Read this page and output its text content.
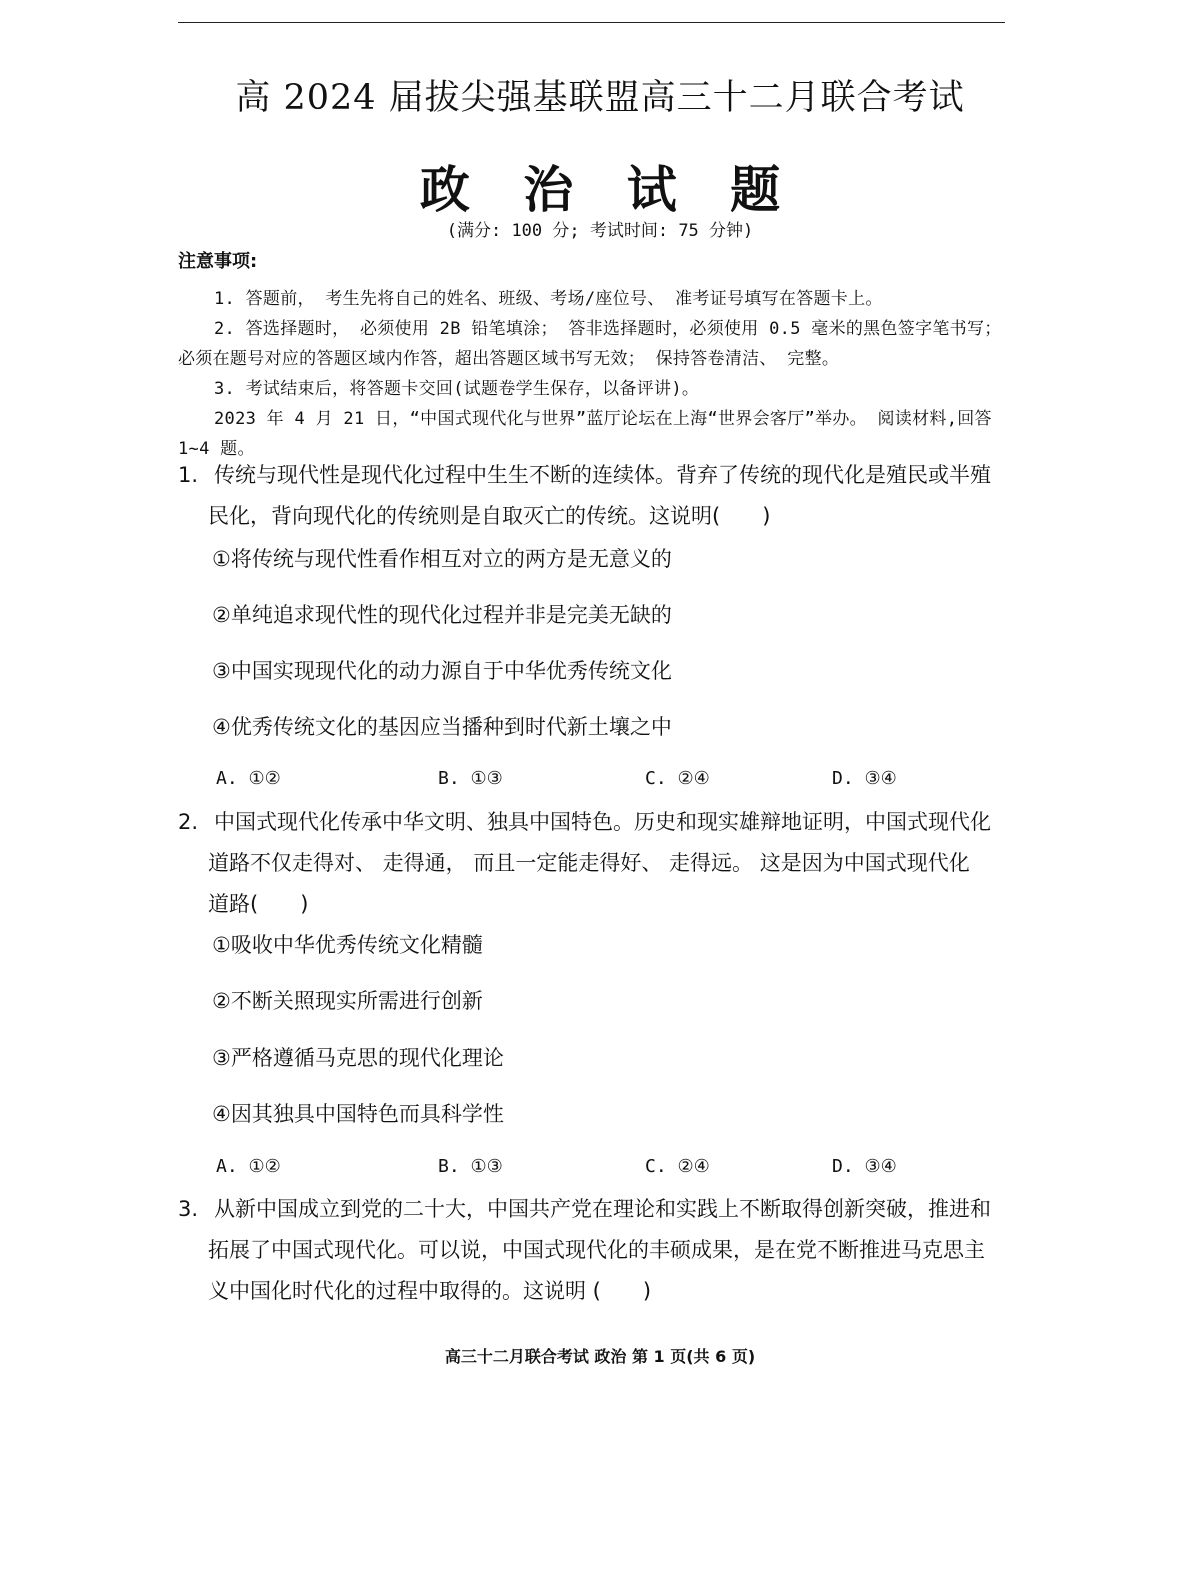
高 2024 届拔尖强基联盟高三十二月联合考试
政 治 试 题
(满分: 100 分; 考试时间: 75 分钟)
注意事项:
1. 答题前， 考生先将自己的姓名、班级、考场/座位号、 准考证号填写在答题卡上。
2. 答选择题时， 必须使用 2B 铅笔填涂； 答非选择题时，必须使用 0.5 毫米的黑色签字笔书写；必须在题号对应的答题区域内作答，超出答题区域书写无效； 保持答卷清洁、 完整。
3. 考试结束后，将答题卡交回(试题卷学生保存，以备评讲)。
2023 年 4 月 21 日，“中国式现代化与世界”蓝厅论坛在上海“世界会客厅”举办。 阅读材料,回答 1~4 题。
1. 传统与现代性是现代化过程中生生不断的连续体。背弃了传统的现代化是殖民或半殖
民化，背向现代化的传统则是自取灭亡的传统。这说明(　　)
①将传统与现代性看作相互对立的两方是无意义的
②单纯追求现代性的现代化过程并非是完美无缺的
③中国实现现代化的动力源自于中华优秀传统文化
④优秀传统文化的基因应当播种到时代新土壤之中
A. ①②	B. ①③	C. ②④	D. ③④
2. 中国式现代化传承中华文明、独具中国特色。历史和现实雄辩地证明，中国式现代化
道路不仅走得对、 走得通， 而且一定能走得好、 走得远。 这是因为中国式现代化
道路(　　)
①吸收中华优秀传统文化精髓
②不断关照现实所需进行创新
③严格遵循马克思的现代化理论
④因其独具中国特色而具科学性
A. ①②	B. ①③	C. ②④	D. ③④
3. 从新中国成立到党的二十大，中国共产党在理论和实践上不断取得创新突破，推进和
拓展了中国式现代化。可以说，中国式现代化的丰硕成果，是在党不断推进马克思主
义中国化时代化的过程中取得的。这说明 (　　)
高三十二月联合考试 政治 第 1 页(共 6 页)
